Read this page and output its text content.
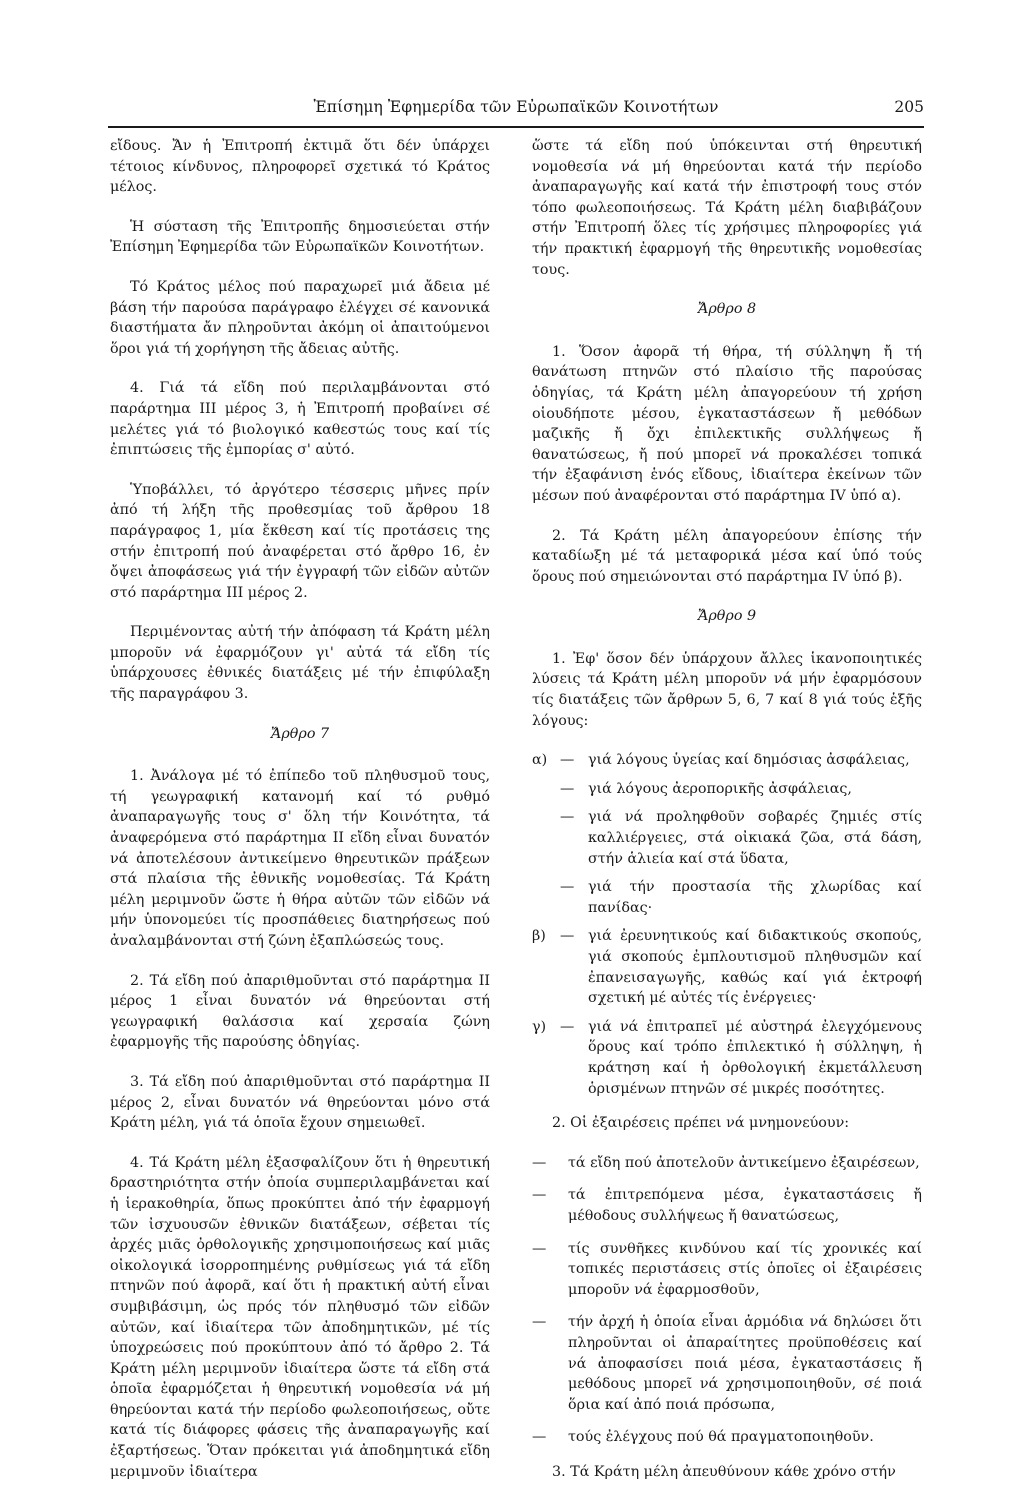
Ἐπίσημη Ἐφημερίδα τῶν Εὐρωπαϊκῶν Κοινοτήτων	205

εἴδους. Ἄν ἡ Ἐπιτροπή ἐκτιμᾶ ὅτι δέν ὑπάρχει τέτοιος κίνδυνος, πληροφορεῖ σχετικά τό Κράτος μέλος.

Ἡ σύσταση τῆς Ἐπιτροπῆς δημοσιεύεται στήν Ἐπίσημη Ἐφημερίδα τῶν Εὐρωπαϊκῶν Κοινοτήτων.

Τό Κράτος μέλος πού παραχωρεῖ μιά ἄδεια μέ βάση τήν παρούσα παράγραφο ἐλέγχει σέ κανονικά διαστήματα ἄν πληροῦνται ἀκόμη οἱ ἀπαιτούμενοι ὅροι γιά τή χορήγηση τῆς ἄδειας αὐτῆς.

4. Γιά τά εἴδη πού περιλαμβάνονται στό παράρτημα ΙΙΙ μέρος 3, ἡ Ἐπιτροπή προβαίνει σέ μελέτες γιά τό βιολογικό καθεστώς τους καί τίς ἐπιπτώσεις τῆς ἐμπορίας σ' αὐτό.

Ὑποβάλλει, τό ἀργότερο τέσσερις μῆνες πρίν ἀπό τή λήξη τῆς προθεσμίας τοῦ ἄρθρου 18 παράγραφος 1, μία ἔκθεση καί τίς προτάσεις της στήν ἐπιτροπή πού ἀναφέρεται στό ἄρθρο 16, ἐν ὄψει ἀποφάσεως γιά τήν ἐγγραφή τῶν εἰδῶν αὐτῶν στό παράρτημα ΙΙΙ μέρος 2.

Περιμένοντας αὐτή τήν ἀπόφαση τά Κράτη μέλη μποροῦν νά ἐφαρμόζουν γι' αὐτά τά εἴδη τίς ὑπάρχουσες ἐθνικές διατάξεις μέ τήν ἐπιφύλαξη τῆς παραγράφου 3.

Ἄρθρο 7

1. Ἀνάλογα μέ τό ἐπίπεδο τοῦ πληθυσμοῦ τους, τή γεωγραφική κατανομή καί τό ρυθμό ἀναπαραγωγῆς τους σ' ὅλη τήν Κοινότητα, τά ἀναφερόμενα στό παράρτημα ΙΙ εἴδη εἶναι δυνατόν νά ἀποτελέσουν ἀντικείμενο θηρευτικῶν πράξεων στά πλαίσια τῆς ἐθνικῆς νομοθεσίας. Τά Κράτη μέλη μεριμνοῦν ὥστε ἡ θήρα αὐτῶν τῶν εἰδῶν νά μήν ὑπονομεύει τίς προσπάθειες διατηρήσεως πού ἀναλαμβάνονται στή ζώνη ἐξαπλώσεώς τους.

2. Τά εἴδη πού ἀπαριθμοῦνται στό παράρτημα ΙΙ μέρος 1 εἶναι δυνατόν νά θηρεύονται στή γεωγραφική θαλάσσια καί χερσαία ζώνη ἐφαρμογῆς τῆς παρούσης ὁδηγίας.

3. Τά εἴδη πού ἀπαριθμοῦνται στό παράρτημα ΙΙ μέρος 2, εἶναι δυνατόν νά θηρεύονται μόνο στά Κράτη μέλη, γιά τά ὁποῖα ἔχουν σημειωθεῖ.

4. Τά Κράτη μέλη ἐξασφαλίζουν ὅτι ἡ θηρευτική δραστηριότητα στήν ὁποία συμπεριλαμβάνεται καί ἡ ἱερακοθηρία, ὅπως προκύπτει ἀπό τήν ἐφαρμογή τῶν ἰσχυουσῶν ἐθνικῶν διατάξεων, σέβεται τίς ἀρχές μιᾶς ὀρθολογικῆς χρησιμοποιήσεως καί μιᾶς οἰκολογικά ἰσορροπημένης ρυθμίσεως γιά τά εἴδη πτηνῶν πού ἀφορᾶ, καί ὅτι ἡ πρακτική αὐτή εἶναι συμβιβάσιμη, ὡς πρός τόν πληθυσμό τῶν εἰδῶν αὐτῶν, καί ἰδιαίτερα τῶν ἀποδημητικῶν, μέ τίς ὑποχρεώσεις πού προκύπτουν ἀπό τό ἄρθρο 2. Τά Κράτη μέλη μεριμνοῦν ἰδιαίτερα ὥστε τά εἴδη στά ὁποῖα ἐφαρμόζεται ἡ θηρευτική νομοθεσία νά μή θηρεύονται κατά τήν περίοδο φωλεοποιήσεως, οὔτε κατά τίς διάφορες φάσεις τῆς ἀναπαραγωγῆς καί ἐξαρτήσεως. Ὅταν πρόκειται γιά ἀποδημητικά εἴδη μεριμνοῦν ἰδιαίτερα

ὥστε τά εἴδη πού ὑπόκεινται στή θηρευτική νομοθεσία νά μή θηρεύονται κατά τήν περίοδο ἀναπαραγωγῆς καί κατά τήν ἐπιστροφή τους στόν τόπο φωλεοποιήσεως. Τά Κράτη μέλη διαβιβάζουν στήν Ἐπιτροπή ὅλες τίς χρήσιμες πληροφορίες γιά τήν πρακτική ἐφαρμογή τῆς θηρευτικῆς νομοθεσίας τους.

Ἄρθρο 8

1. Ὅσον ἀφορᾶ τή θήρα, τή σύλληψη ἤ τή θανάτωση πτηνῶν στό πλαίσιο τῆς παρούσας ὁδηγίας, τά Κράτη μέλη ἀπαγορεύουν τή χρήση οἱουδήποτε μέσου, ἐγκαταστάσεων ἤ μεθόδων μαζικῆς ἤ ὄχι ἐπιλεκτικῆς συλλήψεως ἤ θανατώσεως, ἤ πού μπορεῖ νά προκαλέσει τοπικά τήν ἐξαφάνιση ἑνός εἴδους, ἰδιαίτερα ἐκείνων τῶν μέσων πού ἀναφέρονται στό παράρτημα IV ὑπό α).

2. Τά Κράτη μέλη ἀπαγορεύουν ἐπίσης τήν καταδίωξη μέ τά μεταφορικά μέσα καί ὑπό τούς ὅρους πού σημειώνονται στό παράρτημα IV ὑπό β).

Ἄρθρο 9

1. Ἐφ' ὅσον δέν ὑπάρχουν ἄλλες ἱκανοποιητικές λύσεις τά Κράτη μέλη μποροῦν νά μήν ἐφαρμόσουν τίς διατάξεις τῶν ἄρθρων 5, 6, 7 καί 8 γιά τούς ἑξῆς λόγους:

α) — γιά λόγους ὑγείας καί δημόσιας ἀσφάλειας,
— γιά λόγους ἀεροπορικῆς ἀσφάλειας,
— γιά νά προληφθοῦν σοβαρές ζημιές στίς καλλιέργειες, στά οἰκιακά ζῶα, στά δάση, στήν ἁλιεία καί στά ὕδατα,
— γιά τήν προστασία τῆς χλωρίδας καί πανίδας·
β) — γιά ἐρευνητικούς καί διδακτικούς σκοπούς, γιά σκοπούς ἐμπλουτισμοῦ πληθυσμῶν καί ἐπανεισαγωγῆς, καθώς καί γιά ἐκτροφή σχετική μέ αὐτές τίς ἐνέργειες·
γ) — γιά νά ἐπιτραπεῖ μέ αὐστηρά ἐλεγχόμενους ὅρους καί τρόπο ἐπιλεκτικό ἡ σύλληψη, ἡ κράτηση καί ἡ ὀρθολογική ἐκμετάλλευση ὁρισμένων πτηνῶν σέ μικρές ποσότητες.

2. Οἱ ἐξαιρέσεις πρέπει νά μνημονεύουν:

—	τά εἴδη πού ἀποτελοῦν ἀντικείμενο ἐξαιρέσεων,
—	τά ἐπιτρεπόμενα μέσα, ἐγκαταστάσεις ἤ μέθοδους συλλήψεως ἤ θανατώσεως,
—	τίς συνθῆκες κινδύνου καί τίς χρονικές καί τοπικές περιστάσεις στίς ὁποῖες οἱ ἐξαιρέσεις μποροῦν νά ἐφαρμοσθοῦν,
—	τήν ἀρχή ἡ ὁποία εἶναι ἁρμόδια νά δηλώσει ὅτι πληροῦνται οἱ ἀπαραίτητες προϋποθέσεις καί νά ἀποφασίσει ποιά μέσα, ἐγκαταστάσεις ἤ μεθόδους μπορεῖ νά χρησιμοποιηθοῦν, σέ ποιά ὅρια καί ἀπό ποιά πρόσωπα,
—	τούς ἐλέγχους πού θά πραγματοποιηθοῦν.

3. Τά Κράτη μέλη ἀπευθύνουν κάθε χρόνο στήν
